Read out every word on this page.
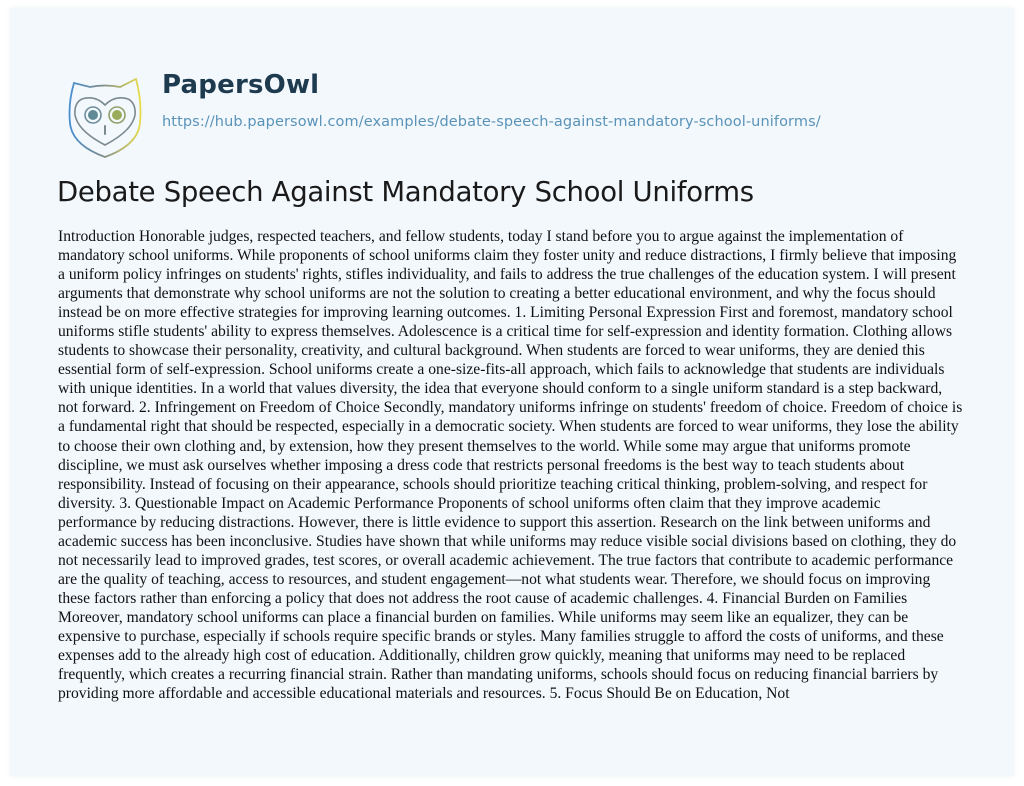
PapersOwl
https://hub.papersowl.com/examples/debate-speech-against-mandatory-school-uniforms/
Debate Speech Against Mandatory School Uniforms
Introduction Honorable judges, respected teachers, and fellow students, today I stand before you to argue against the implementation of
mandatory school uniforms. While proponents of school uniforms claim they foster unity and reduce distractions, I firmly believe that imposing
a uniform policy infringes on students' rights, stifles individuality, and fails to address the true challenges of the education system. I will present
arguments that demonstrate why school uniforms are not the solution to creating a better educational environment, and why the focus should
instead be on more effective strategies for improving learning outcomes. 1. Limiting Personal Expression First and foremost, mandatory school
uniforms stifle students' ability to express themselves. Adolescence is a critical time for self-expression and identity formation. Clothing allows
students to showcase their personality, creativity, and cultural background. When students are forced to wear uniforms, they are denied this
essential form of self-expression. School uniforms create a one-size-fits-all approach, which fails to acknowledge that students are individuals
with unique identities. In a world that values diversity, the idea that everyone should conform to a single uniform standard is a step backward,
not forward. 2. Infringement on Freedom of Choice Secondly, mandatory uniforms infringe on students' freedom of choice. Freedom of choice is
a fundamental right that should be respected, especially in a democratic society. When students are forced to wear uniforms, they lose the ability
to choose their own clothing and, by extension, how they present themselves to the world. While some may argue that uniforms promote
discipline, we must ask ourselves whether imposing a dress code that restricts personal freedoms is the best way to teach students about
responsibility. Instead of focusing on their appearance, schools should prioritize teaching critical thinking, problem-solving, and respect for
diversity. 3. Questionable Impact on Academic Performance Proponents of school uniforms often claim that they improve academic
performance by reducing distractions. However, there is little evidence to support this assertion. Research on the link between uniforms and
academic success has been inconclusive. Studies have shown that while uniforms may reduce visible social divisions based on clothing, they do
not necessarily lead to improved grades, test scores, or overall academic achievement. The true factors that contribute to academic performance
are the quality of teaching, access to resources, and student engagement—not what students wear. Therefore, we should focus on improving
these factors rather than enforcing a policy that does not address the root cause of academic challenges. 4. Financial Burden on Families
Moreover, mandatory school uniforms can place a financial burden on families. While uniforms may seem like an equalizer, they can be
expensive to purchase, especially if schools require specific brands or styles. Many families struggle to afford the costs of uniforms, and these
expenses add to the already high cost of education. Additionally, children grow quickly, meaning that uniforms may need to be replaced
frequently, which creates a recurring financial strain. Rather than mandating uniforms, schools should focus on reducing financial barriers by
providing more affordable and accessible educational materials and resources. 5. Focus Should Be on Education, Not
